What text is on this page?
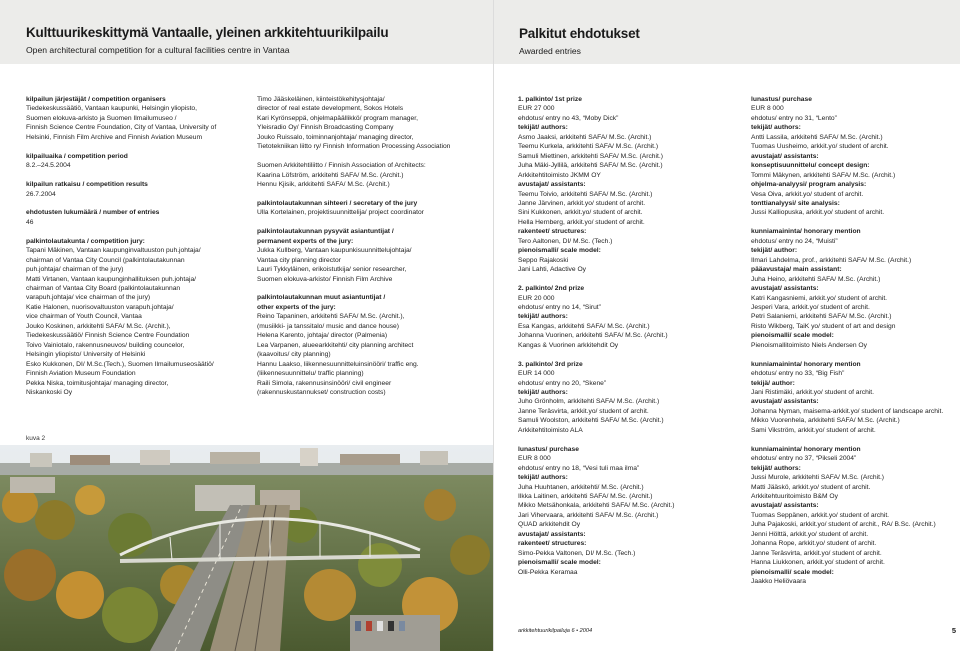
Kulttuurikeskittymä Vantaalle, yleinen arkkitehtuurikilpailu
Open architectural competition for a cultural facilities centre in Vantaa
kilpailun järjestäjät / competition organisers
Tiedekeskussäätiö, Vantaan kaupunki, Helsingin yliopisto,
Suomen elokuva-arkisto ja Suomen Ilmailumuseo /
Finnish Science Centre Foundation, City of Vantaa, University of
Helsinki, Finnish Film Archive and Finnish Aviation Museum
kilpailuaika / competition period
8.2.–24.5.2004
kilpailun ratkaisu / competition results
26.7.2004
ehdotusten lukumäärä / number of entries
46
palkintolautakunta / competition jury:
Tapani Mäkinen, Vantaan kaupunginvaltuuston puh.johtaja/
chairman of Vantaa City Council (palkintolautakunnan
puh.johtaja/ chairman of the jury)
Matti Virtanen, Vantaan kaupunginhallituksen puh.johtaja/
chairman of Vantaa City Board (palkintolautakunnan
varapuh.johtaja/ vice chairman of the jury)
Katie Halonen, nuorisovaltuuston varapuh.johtaja/
vice chairman of Youth Council, Vantaa
Jouko Koskinen, arkkitehti SAFA/ M.Sc. (Archit.),
Tiedekeskussäätiö/ Finnish Science Centre Foundation
Toivo Vainiotalo, rakennusneuvos/ building councelor,
Helsingin yliopisto/ University of Helsinki
Esko Kukkonen, DI/ M.Sc.(Tech.), Suomen Ilmailumuseosäätiö/
Finnish Aviation Museum Foundation
Pekka Niska, toimitusjohtaja/ managing director,
Niskankoski Oy
Timo Jääskeläinen, kiinteistökehitysjohtaja/
director of real estate development, Sokos Hotels
Kari Kyrönseppä, ohjelmapäällikkö/ program manager,
Yleisradio Oy/ Finnish Broadcasting Company
Jouko Ruissalo, toiminnanjohtaja/ managing director,
Tietotekniikan liitto ry/ Finnish Information Processing Association
Suomen Arkkitehtiliitto / Finnish Association of Architects:
Kaarina Löfström, arkkitehti SAFA/ M.Sc. (Archit.)
Hennu Kjisik, arkkitehti SAFA/ M.Sc. (Archit.)
palkintolautakunnan sihteeri / secretary of the jury
Ulla Kortelainen, projektisuunnittelija/ project coordinator
palkintolautakunnan pysyvät asiantuntijat /
permanent experts of the jury:
Jukka Kullberg, Vantaan kaupunkisuunnittelujohtaja/
Vantaa city planning director
Lauri Tykkyläinen, erikoistutkija/ senior researcher,
Suomen elokuva-arkisto/ Finnish Film Archive
palkintolautakunnan muut asiantuntijat /
other experts of the jury:
Reino Tapaninen, arkkitehti SAFA/ M.Sc. (Archit.),
(musiikki- ja tanssitalo/ music and dance house)
Helena Karento, johtaja/ director (Palmenia)
Lea Varpanen, alueearkkitehti/ city planning architect
(kaavoitus/ city planning)
Hannu Laakso, liikennesuunnitteluinsinööri/ traffic eng.
(liikennesuunnittelu/ traffic planning)
Raili Simola, rakennusinsinööri/ civil engineer
(rakennuskustannukset/ construction costs)
kuva 2
Palkitut ehdotukset
Awarded entries
1. palkinto/ 1st prize
EUR 27 000
ehdotus/ entry no 43, “Moby Dick”
tekijät/ authors:
Asmo Jaaksi, arkkitehti SAFA/ M.Sc. (Archit.)
Teemu Kurkela, arkkitehti SAFA/ M.Sc. (Archit.)
Samuli Miettinen, arkkitehti SAFA/ M.Sc. (Archit.)
Juha Mäki-Jyllilä, arkkitehti SAFA/ M.Sc. (Archit.)
Arkkitehtitoimisto JKMM OY
avustajat/ assistants:
Teemu Toivio, arkkitehti SAFA/ M.Sc. (Archit.)
Janne Järvinen, arkkit.yo/ student of archit.
Sini Kukkonen, arkkit.yo/ student of archit.
Hella Hernberg, arkkit.yo/ student of archit.
rakenteet/ structures:
Tero Aaltonen, DI/ M.Sc. (Tech.)
pienoismalli/ scale model:
Seppo Rajakoski
Jani Lahti, Adactive Oy
2. palkinto/ 2nd prize
EUR 20 000
ehdotus/ entry no 14, “Sirut”
tekijät/ authors:
Esa Kangas, arkkitehti SAFA/ M.Sc. (Archit.)
Johanna Vuorinen, arkkitehti SAFA/ M.Sc. (Archit.)
Kangas & Vuorinen arkkitehdit Oy
3. palkinto/ 3rd prize
EUR 14 000
ehdotus/ entry no 20, “Skene”
tekijät/ authors:
Juho Grönholm, arkkitehti SAFA/ M.Sc. (Archit.)
Janne Teräsvirta, arkkit.yo/ student of archit.
Samuli Woolston, arkkitehti SAFA/ M.Sc. (Archit.)
Arkkitehtitoimisto ALA
lunastus/ purchase
EUR 8 000
ehdotus/ entry no 18, “Vesi tuli maa ilma”
tekijät/ authors:
Juha Huuhtanen, arkkitehti/ M.Sc. (Archit.)
Ilkka Laitinen, arkkitehti SAFA/ M.Sc. (Archit.)
Mikko Metsähonkala, arkkitehti SAFA/ M.Sc. (Archit.)
Jari Vihervaara, arkkitehti SAFA/ M.Sc. (Archit.)
QUAD arkkitehdit Oy
avustajat/ assistants:
rakenteet/ structures:
Simo-Pekka Valtonen, DI/ M.Sc. (Tech.)
pienoismalli/ scale model:
Olli-Pekka Keramaa
lunastus/ purchase
EUR 8 000
ehdotus/ entry no 31, “Lento”
tekijät/ authors:
Antti Lassila, arkkitehti SAFA/ M.Sc. (Archit.)
Tuomas Uusheimo, arkkit.yo/ student of archit.
avustajat/ assistants:
konseptisuunnittelu/ concept design:
Tommi Mäkynen, arkkitehti SAFA/ M.Sc. (Archit.)
ohjelma-analyysi/ program analysis:
Vesa Oiva, arkkit.yo/ student of archit.
tonttianalyysi/ site analysis:
Jussi Kalliopuska, arkkit.yo/ student of archit.
kunniamaininta/ honorary mention
ehdotus/ entry no 24, “Muisti”
tekijät/ author:
Ilmari Lahdelma, prof., arkkitehti SAFA/ M.Sc. (Archit.)
pääavustaja/ main assistant:
Juha Heino, arkkitehti SAFA/ M.Sc. (Archit.)
avustajat/ assistants:
Katri Kangasniemi, arkkit.yo/ student of archit.
Jesperi Vara, arkkit.yo/ student of archit.
Petri Salaniemi, arkkitehti SAFA/ M.Sc. (Archit.)
Risto Wikberg, TaiK yo/ student of art and design
pienoismalli/ scale model:
Pienoismallitoimisto Niels Andersen Oy
kunniamaininta/ honorary mention
ehdotus/ entry no 33, “Big Fish”
tekijä/ author:
Jani Ristimäki, arkkit.yo/ student of archit.
avustajat/ assistants:
Johanna Nyman, maisema-arkkit.yo/ student of landscape archit.
Mikko Vuorenhela, arkkitehti SAFA/ M.Sc. (Archit.)
Sami Vikström, arkkit.yo/ student of archit.
kunniamaininta/ honorary mention
ehdotus/ entry no 37, “Pikseli 2004”
tekijät/ authors:
Jussi Murole, arkkitehti SAFA/ M.Sc. (Archit.)
Matti Jääskö, arkkit.yo/ student of archit.
Arkkitehtuuritoimisto B&M Oy
avustajat/ assistants:
Tuomas Seppänen, arkkit.yo/ student of archit.
Juha Pajakoski, arkkit.yo/ student of archit., RA/ B.Sc. (Archit.)
Jenni Hölttä, arkkit.yo/ student of archit.
Johanna Rope, arkkit.yo/ student of archit.
Janne Teräsvirta, arkkit.yo/ student of archit.
Hanna Liukkonen, arkkit.yo/ student of archit.
pienoismalli/ scale model:
Jaakko Heliövaara
arkkitehtuurikilpailuja 6 • 2004	5
